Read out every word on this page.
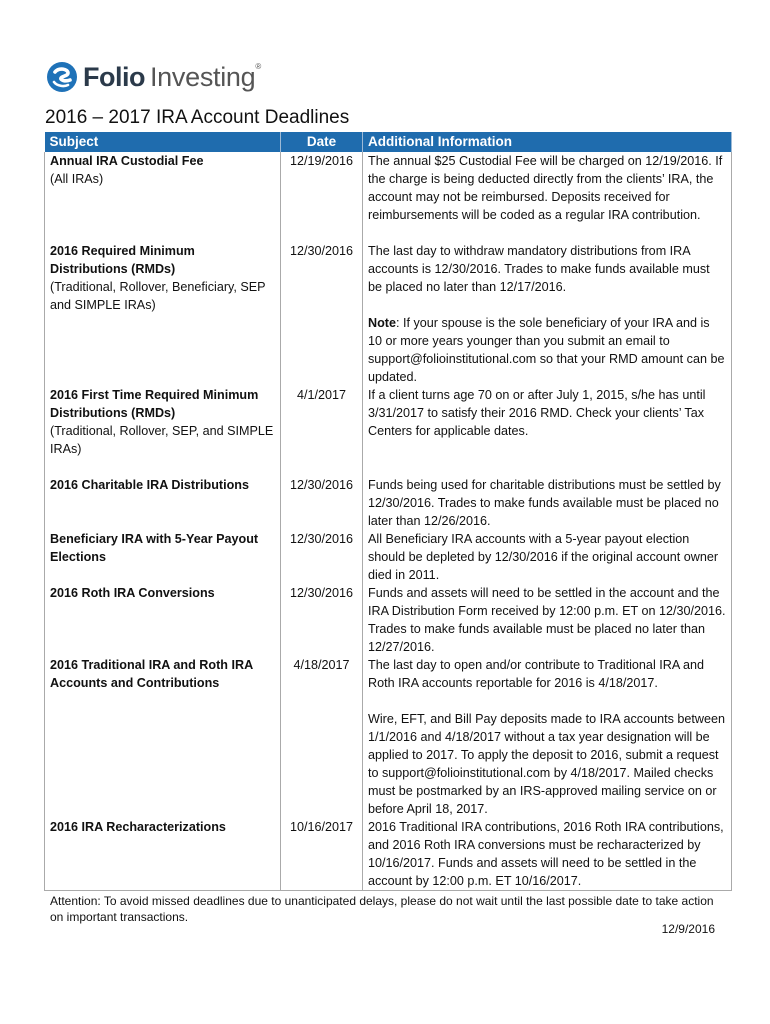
Folio Investing®
2016 – 2017 IRA Account Deadlines
Subject	Date	Additional Information

Annual IRA Custodial Fee
(All IRAs)	12/19/2016	The annual $25 Custodial Fee will be charged on 12/19/2016. If the charge is being deducted directly from the clients’ IRA, the account may not be reimbursed. Deposits received for reimbursements will be coded as a regular IRA contribution.

2016 Required Minimum Distributions (RMDs)
(Traditional, Rollover, Beneficiary, SEP and SIMPLE IRAs)	12/30/2016	The last day to withdraw mandatory distributions from IRA accounts is 12/30/2016. Trades to make funds available must be placed no later than 12/17/2016.
Note: If your spouse is the sole beneficiary of your IRA and is 10 or more years younger than you submit an email to support@folioinstitutional.com so that your RMD amount can be updated.

2016 First Time Required Minimum Distributions (RMDs)
(Traditional, Rollover, SEP, and SIMPLE IRAs)	4/1/2017	If a client turns age 70 on or after July 1, 2015, s/he has until 3/31/2017 to satisfy their 2016 RMD. Check your clients’ Tax Centers for applicable dates.

2016 Charitable IRA Distributions	12/30/2016	Funds being used for charitable distributions must be settled by 12/30/2016. Trades to make funds available must be placed no later than 12/26/2016.

Beneficiary IRA with 5-Year Payout Elections	12/30/2016	All Beneficiary IRA accounts with a 5-year payout election should be depleted by 12/30/2016 if the original account owner died in 2011.

2016 Roth IRA Conversions	12/30/2016	Funds and assets will need to be settled in the account and the IRA Distribution Form received by 12:00 p.m. ET on 12/30/2016. Trades to make funds available must be placed no later than 12/27/2016.

2016 Traditional IRA and Roth IRA Accounts and Contributions	4/18/2017	The last day to open and/or contribute to Traditional IRA and Roth IRA accounts reportable for 2016 is 4/18/2017.
Wire, EFT, and Bill Pay deposits made to IRA accounts between 1/1/2016 and 4/18/2017 without a tax year designation will be applied to 2017. To apply the deposit to 2016, submit a request to support@folioinstitutional.com by 4/18/2017. Mailed checks must be postmarked by an IRS-approved mailing service on or before April 18, 2017.

2016 IRA Recharacterizations	10/16/2017	2016 Traditional IRA contributions, 2016 Roth IRA contributions, and 2016 Roth IRA conversions must be recharacterized by 10/16/2017. Funds and assets will need to be settled in the account by 12:00 p.m. ET 10/16/2017.

Attention: To avoid missed deadlines due to unanticipated delays, please do not wait until the last possible date to take action on important transactions.

12/9/2016
